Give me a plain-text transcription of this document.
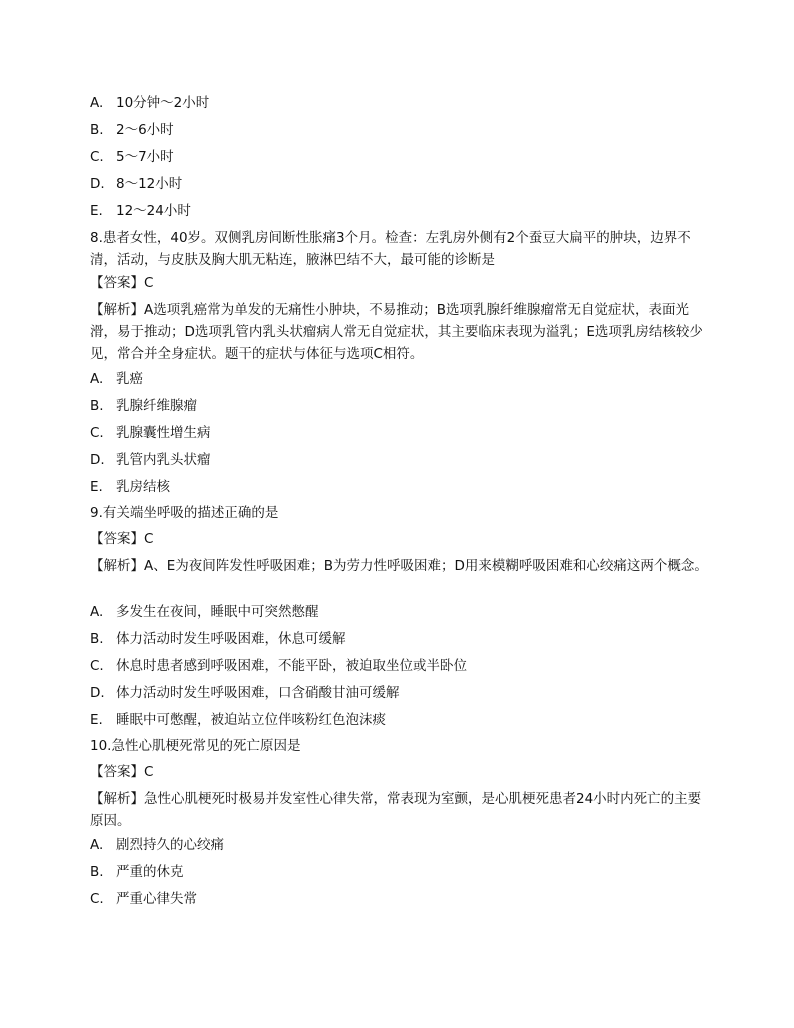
A. 10分钟～2小时
B. 2～6小时
C. 5～7小时
D. 8～12小时
E. 12～24小时
8.患者女性，40岁。双侧乳房间断性胀痛3个月。检查：左乳房外侧有2个蚕豆大扁平的肿块，边界不清，活动，与皮肤及胸大肌无粘连，腋淋巴结不大，最可能的诊断是
【答案】C
【解析】A选项乳癌常为单发的无痛性小肿块，不易推动；B选项乳腺纤维腺瘤常无自觉症状，表面光滑，易于推动；D选项乳管内乳头状瘤病人常无自觉症状，其主要临床表现为溢乳；E选项乳房结核较少见，常合并全身症状。题干的症状与体征与选项C相符。
A. 乳癌
B. 乳腺纤维腺瘤
C. 乳腺囊性增生病
D. 乳管内乳头状瘤
E. 乳房结核
9.有关端坐呼吸的描述正确的是
【答案】C
【解析】A、E为夜间阵发性呼吸困难；B为劳力性呼吸困难；D用来模糊呼吸困难和心绞痛这两个概念。
A. 多发生在夜间，睡眠中可突然憋醒
B. 体力活动时发生呼吸困难，休息可缓解
C. 休息时患者感到呼吸困难，不能平卧，被迫取坐位或半卧位
D. 体力活动时发生呼吸困难，口含硝酸甘油可缓解
E. 睡眠中可憋醒，被迫站立位伴咳粉红色泡沫痰
10.急性心肌梗死常见的死亡原因是
【答案】C
【解析】急性心肌梗死时极易并发室性心律失常，常表现为室颤，是心肌梗死患者24小时内死亡的主要原因。
A. 剧烈持久的心绞痛
B. 严重的休克
C. 严重心律失常
